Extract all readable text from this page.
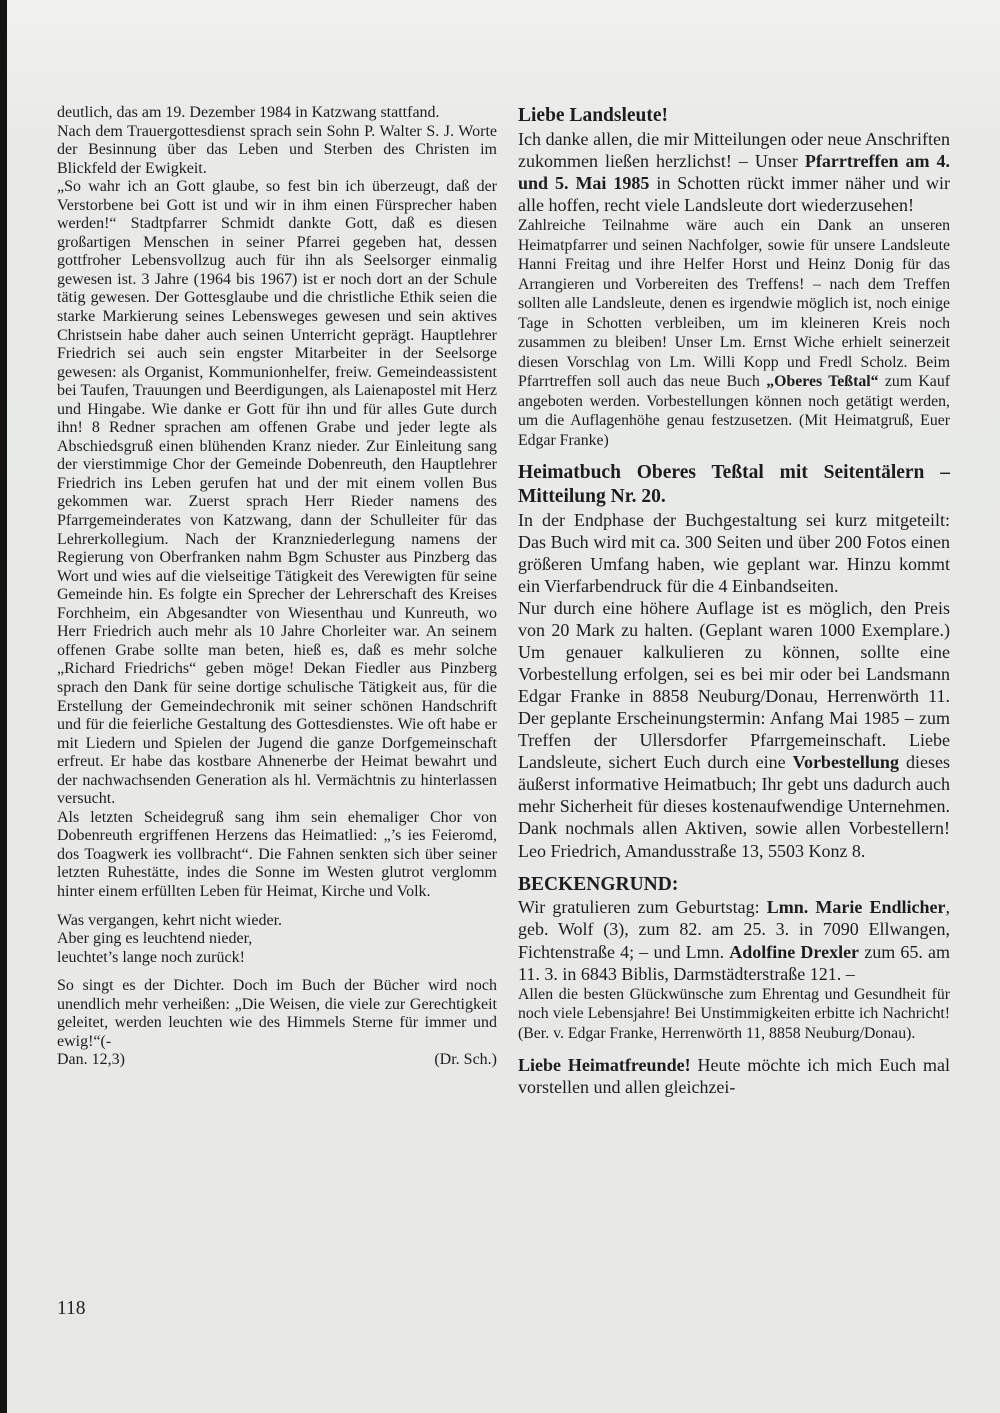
deutlich, das am 19. Dezember 1984 in Katzwang stattfand.

Nach dem Trauergottesdienst sprach sein Sohn P. Walter S. J. Worte der Besinnung über das Leben und Sterben des Christen im Blickfeld der Ewigkeit.

„So wahr ich an Gott glaube, so fest bin ich überzeugt, daß der Verstorbene bei Gott ist und wir in ihm einen Fürsprecher haben werden!“ Stadtpfarrer Schmidt dankte Gott, daß es diesen großartigen Menschen in seiner Pfarrei gegeben hat, dessen gottfroher Lebensvollzug auch für ihn als Seelsorger einmalig gewesen ist. 3 Jahre (1964 bis 1967) ist er noch dort an der Schule tätig gewesen. Der Gottesglaube und die christliche Ethik seien die starke Markierung seines Lebensweges gewesen und sein aktives Christsein habe daher auch seinen Unterricht geprägt. Hauptlehrer Friedrich sei auch sein engster Mitarbeiter in der Seelsorge gewesen: als Organist, Kommunionhelfer, freiw. Gemeindeassistent bei Taufen, Trauungen und Beerdigungen, als Laienapostel mit Herz und Hingabe. Wie danke er Gott für ihn und für alles Gute durch ihn! 8 Redner sprachen am offenen Grabe und jeder legte als Abschiedsgruß einen blühenden Kranz nieder. Zur Einleitung sang der vierstimmige Chor der Gemeinde Dobenreuth, den Hauptlehrer Friedrich ins Leben gerufen hat und der mit einem vollen Bus gekommen war. Zuerst sprach Herr Rieder namens des Pfarrgemeinderates von Katzwang, dann der Schulleiter für das Lehrerkollegium. Nach der Kranzniederlegung namens der Regierung von Oberfranken nahm Bgm Schuster aus Pinzberg das Wort und wies auf die vielseitige Tätigkeit des Verewigten für seine Gemeinde hin. Es folgte ein Sprecher der Lehrerschaft des Kreises Forchheim, ein Abgesandter von Wiesenthau und Kunreuth, wo Herr Friedrich auch mehr als 10 Jahre Chorleiter war. An seinem offenen Grabe sollte man beten, hieß es, daß es mehr solche „Richard Friedrichs“ geben möge! Dekan Fiedler aus Pinzberg sprach den Dank für seine dortige schulische Tätigkeit aus, für die Erstellung der Gemeindechronik mit seiner schönen Handschrift und für die feierliche Gestaltung des Gottesdienstes. Wie oft habe er mit Liedern und Spielen der Jugend die ganze Dorfgemeinschaft erfreut. Er habe das kostbare Ahnenerbe der Heimat bewahrt und der nachwachsenden Generation als hl. Vermächtnis zu hinterlassen versucht.

Als letzten Scheidegruß sang ihm sein ehemaliger Chor von Dobenreuth ergriffenen Herzens das Heimatlied: „’s ies Feieromd, dos Toagwerk ies vollbracht“. Die Fahnen senkten sich über seiner letzten Ruhestätte, indes die Sonne im Westen glutrot verglomm hinter einem erfüllten Leben für Heimat, Kirche und Volk.

Was vergangen, kehrt nicht wieder.
Aber ging es leuchtend nieder,
leuchtet’s lange noch zurück!

So singt es der Dichter. Doch im Buch der Bücher wird noch unendlich mehr verheißen: „Die Weisen, die viele zur Gerechtigkeit geleitet, werden leuchten wie des Himmels Sterne für immer und ewig!“(-

Dan. 12,3)	(Dr. Sch.)

Liebe Landsleute!

Ich danke allen, die mir Mitteilungen oder neue Anschriften zukommen ließen herzlichst! – Unser Pfarrtreffen am 4. und 5. Mai 1985 in Schotten rückt immer näher und wir alle hoffen, recht viele Landsleute dort wiederzusehen!

Zahlreiche Teilnahme wäre auch ein Dank an unseren Heimatpfarrer und seinen Nachfolger, sowie für unsere Landsleute Hanni Freitag und ihre Helfer Horst und Heinz Donig für das Arrangieren und Vorbereiten des Treffens! – nach dem Treffen sollten alle Landsleute, denen es irgendwie möglich ist, noch einige Tage in Schotten verbleiben, um im kleineren Kreis noch zusammen zu bleiben! Unser Lm. Ernst Wiche erhielt seinerzeit diesen Vorschlag von Lm. Willi Kopp und Fredl Scholz. Beim Pfarrtreffen soll auch das neue Buch „Oberes Teßtal“ zum Kauf angeboten werden. Vorbestellungen können noch getätigt werden, um die Auflagenhöhe genau festzusetzen. (Mit Heimatgruß, Euer Edgar Franke)

Heimatbuch Oberes Teßtal mit Seitentälern – Mitteilung Nr. 20.

In der Endphase der Buchgestaltung sei kurz mitgeteilt: Das Buch wird mit ca. 300 Seiten und über 200 Fotos einen größeren Umfang haben, wie geplant war. Hinzu kommt ein Vierfarbendruck für die 4 Einbandseiten.

Nur durch eine höhere Auflage ist es möglich, den Preis von 20 Mark zu halten. (Geplant waren 1000 Exemplare.) Um genauer kalkulieren zu können, sollte eine Vorbestellung erfolgen, sei es bei mir oder bei Landsmann Edgar Franke in 8858 Neuburg/Donau, Herrenwörth 11. Der geplante Erscheinungstermin: Anfang Mai 1985 – zum Treffen der Ullersdorfer Pfarrgemeinschaft. Liebe Landsleute, sichert Euch durch eine Vorbestellung dieses äußerst informative Heimatbuch; Ihr gebt uns dadurch auch mehr Sicherheit für dieses kostenaufwendige Unternehmen. Dank nochmals allen Aktiven, sowie allen Vorbestellern! Leo Friedrich, Amandusstraße 13, 5503 Konz 8.

BECKENGRUND:

Wir gratulieren zum Geburtstag: Lmn. Marie Endlicher, geb. Wolf (3), zum 82. am 25. 3. in 7090 Ellwangen, Fichtenstraße 4; – und Lmn. Adolfine Drexler zum 65. am 11. 3. in 6843 Biblis, Darmstädterstraße 121. –

Allen die besten Glückwünsche zum Ehrentag und Gesundheit für noch viele Lebensjahre! Bei Unstimmigkeiten erbitte ich Nachricht! (Ber. v. Edgar Franke, Herrenwörth 11, 8858 Neuburg/Donau).

Liebe Heimatfreunde! Heute möchte ich mich Euch mal vorstellen und allen gleichzei-

118
